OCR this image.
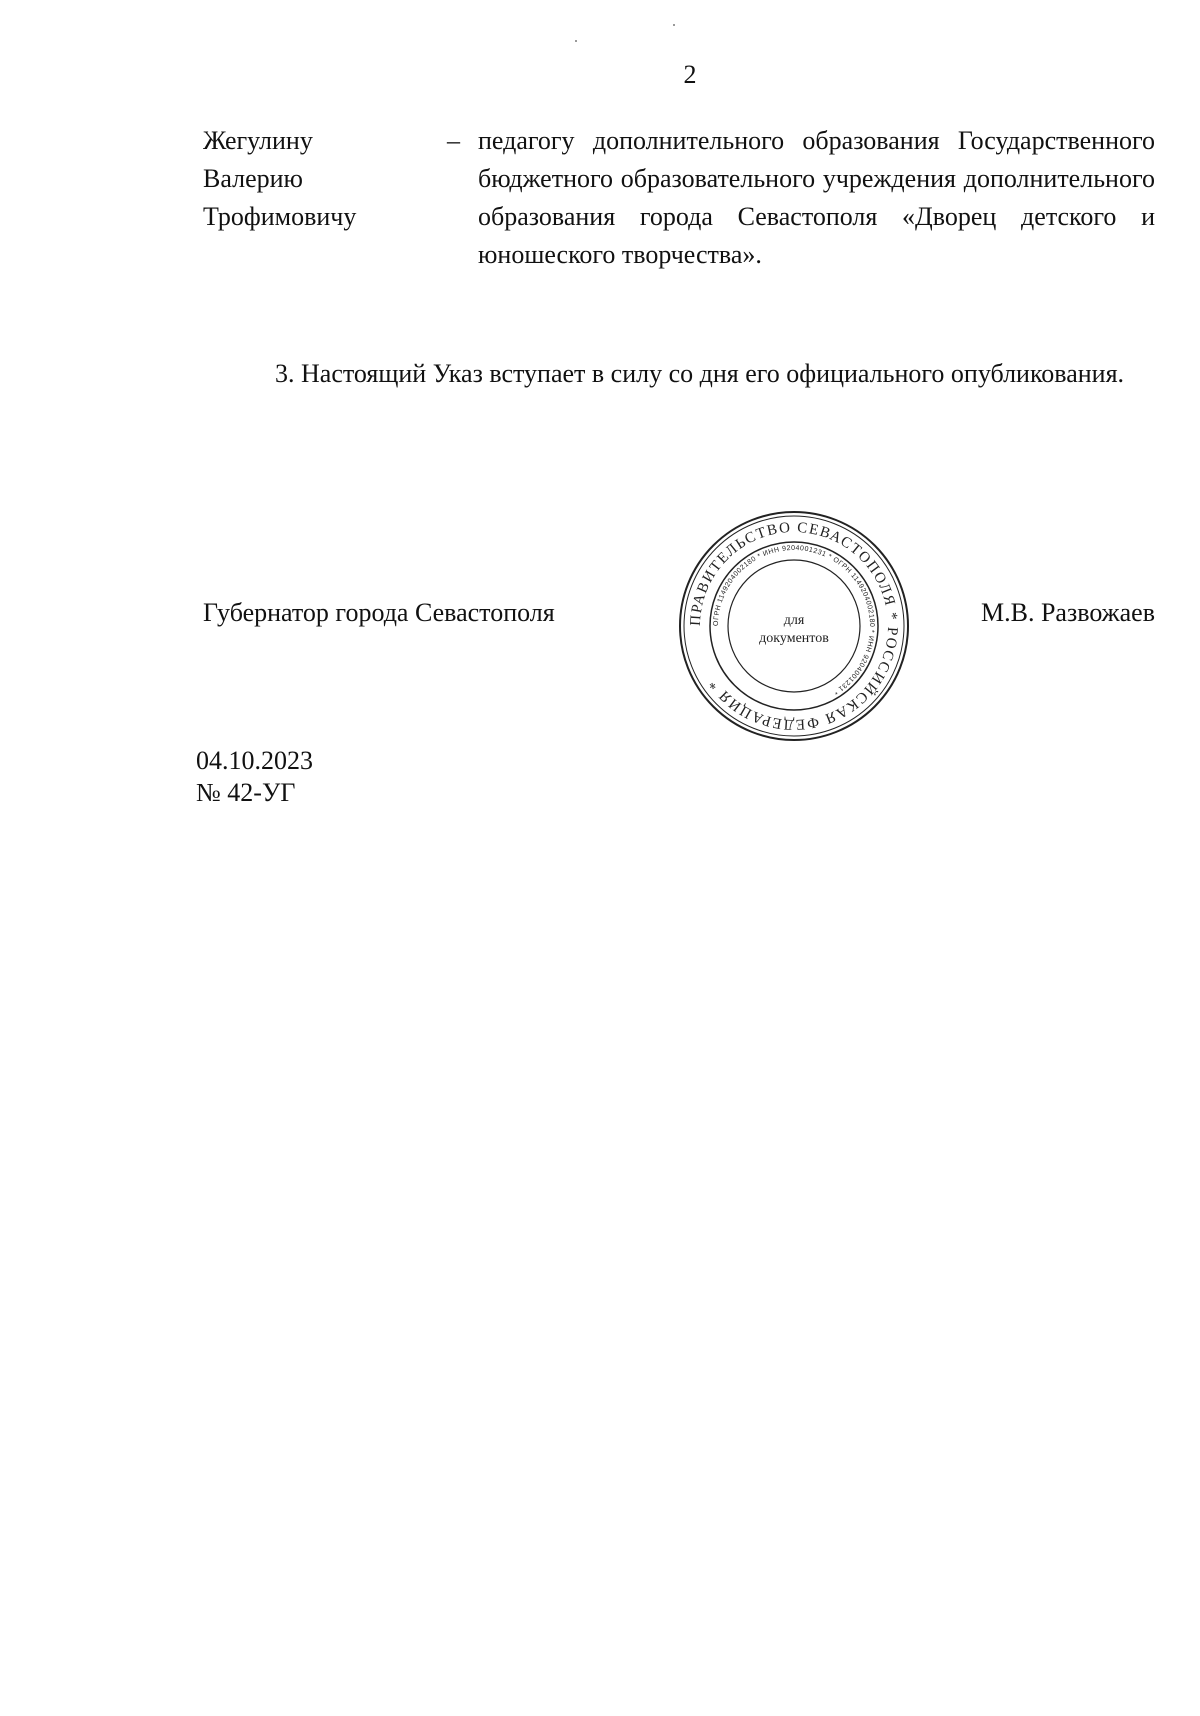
2
Жегулину
Валерию
Трофимовичу
– педагогу дополнительного образования Государственного бюджетного образовательного учреждения дополнительного образования города Севастополя «Дворец детского и юношеского творчества».
3. Настоящий Указ вступает в силу со дня его официального опубликования.
Губернатор города Севастополя	М.В. Развожаев
ПРАВИТЕЛЬСТВО СЕВАСТОПОЛЯ * РОССИЙСКАЯ ФЕДЕРАЦИЯ *
ОГРН 1149204002180 * ИНН 9204001231 * ОГРН 1149204002180 * ИНН 9204001231 *
для
документов
04.10.2023
№ 42-УГ
